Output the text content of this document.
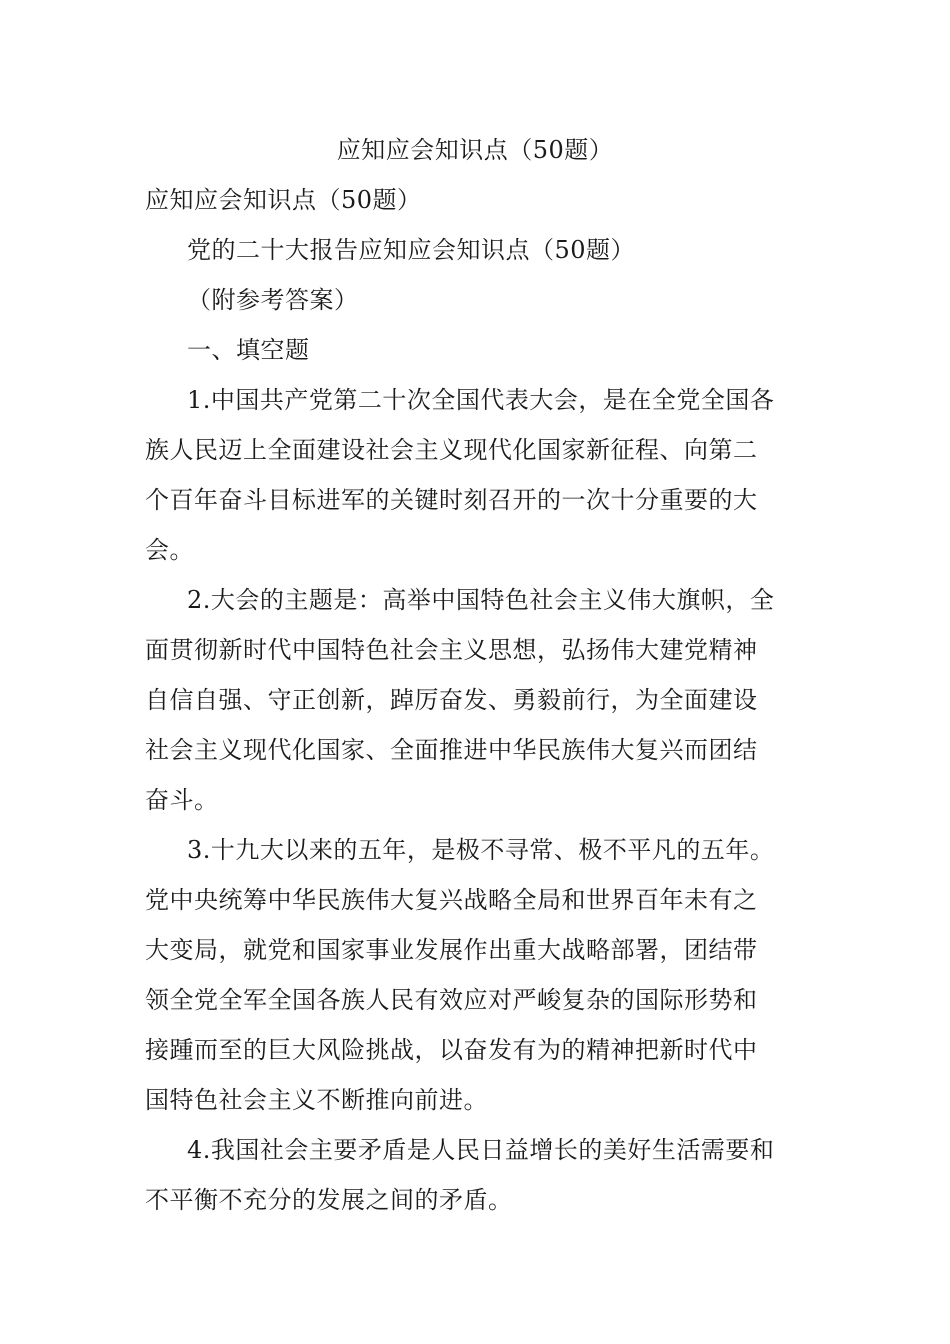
应知应会知识点（50题）
应知应会知识点（50题）
党的二十大报告应知应会知识点（50题）
（附参考答案）
一、填空题
1.中国共产党第二十次全国代表大会，是在全党全国各
族人民迈上全面建设社会主义现代化国家新征程、向第二
个百年奋斗目标进军的关键时刻召开的一次十分重要的大
会。
2.大会的主题是：高举中国特色社会主义伟大旗帜，全
面贯彻新时代中国特色社会主义思想，弘扬伟大建党精神
自信自强、守正创新，踔厉奋发、勇毅前行，为全面建设
社会主义现代化国家、全面推进中华民族伟大复兴而团结
奋斗。
3.十九大以来的五年，是极不寻常、极不平凡的五年。
党中央统筹中华民族伟大复兴战略全局和世界百年未有之
大变局，就党和国家事业发展作出重大战略部署，团结带
领全党全军全国各族人民有效应对严峻复杂的国际形势和
接踵而至的巨大风险挑战，以奋发有为的精神把新时代中
国特色社会主义不断推向前进。
4.我国社会主要矛盾是人民日益增长的美好生活需要和
不平衡不充分的发展之间的矛盾。
